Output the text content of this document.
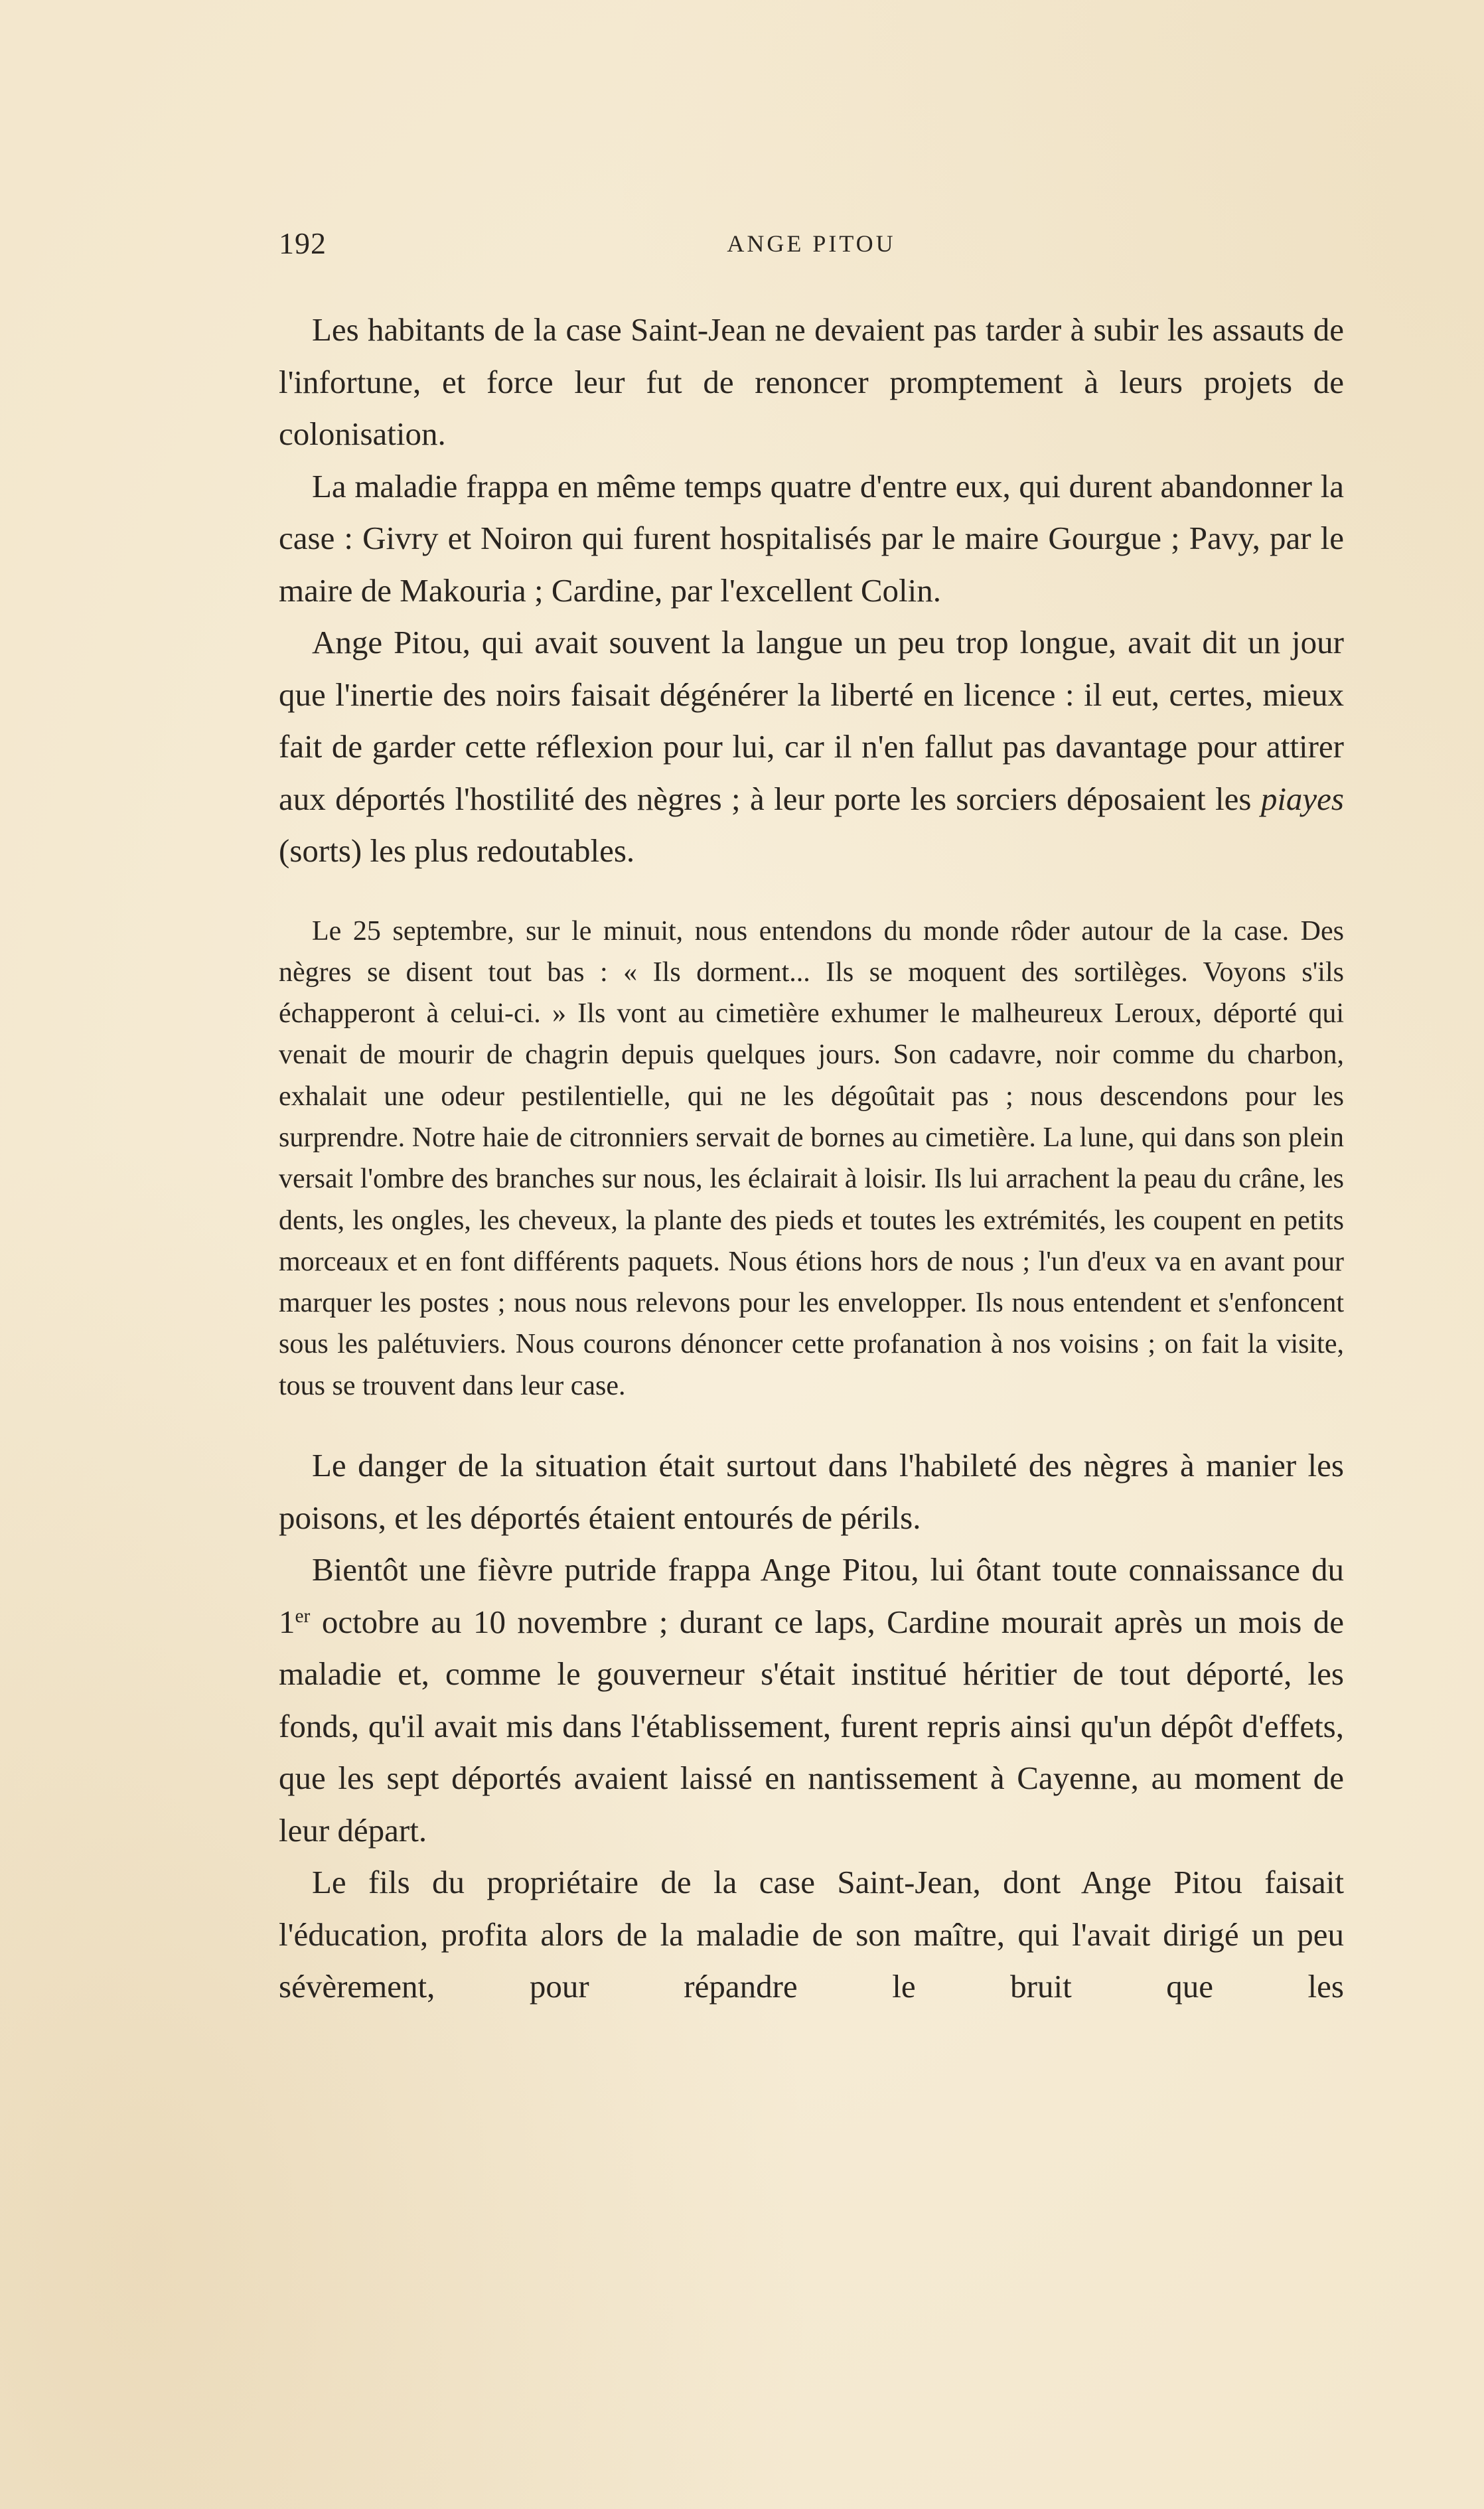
192	ANGE PITOU

Les habitants de la case Saint-Jean ne devaient pas tarder à subir les assauts de l'infortune, et force leur fut de renoncer promptement à leurs projets de colonisation.

La maladie frappa en même temps quatre d'entre eux, qui durent abandonner la case : Givry et Noiron qui furent hospitalisés par le maire Gourgue ; Pavy, par le maire de Makouria ; Cardine, par l'excellent Colin.

Ange Pitou, qui avait souvent la langue un peu trop longue, avait dit un jour que l'inertie des noirs faisait dégénérer la liberté en licence : il eut, certes, mieux fait de garder cette réflexion pour lui, car il n'en fallut pas davantage pour attirer aux déportés l'hostilité des nègres ; à leur porte les sorciers déposaient les piayes (sorts) les plus redoutables.

Le 25 septembre, sur le minuit, nous entendons du monde rôder autour de la case. Des nègres se disent tout bas : « Ils dorment... Ils se moquent des sortilèges. Voyons s'ils échapperont à celui-ci. » Ils vont au cimetière exhumer le malheureux Leroux, déporté qui venait de mourir de chagrin depuis quelques jours. Son cadavre, noir comme du charbon, exhalait une odeur pestilentielle, qui ne les dégoûtait pas ; nous descendons pour les surprendre. Notre haie de citronniers servait de bornes au cimetière. La lune, qui dans son plein versait l'ombre des branches sur nous, les éclairait à loisir. Ils lui arrachent la peau du crâne, les dents, les ongles, les cheveux, la plante des pieds et toutes les extrémités, les coupent en petits morceaux et en font différents paquets. Nous étions hors de nous ; l'un d'eux va en avant pour marquer les postes ; nous nous relevons pour les envelopper. Ils nous entendent et s'enfoncent sous les palétuviers. Nous courons dénoncer cette profanation à nos voisins ; on fait la visite, tous se trouvent dans leur case.

Le danger de la situation était surtout dans l'habileté des nègres à manier les poisons, et les déportés étaient entourés de périls.

Bientôt une fièvre putride frappa Ange Pitou, lui ôtant toute connaissance du 1er octobre au 10 novembre ; durant ce laps, Cardine mourait après un mois de maladie et, comme le gouverneur s'était institué héritier de tout déporté, les fonds, qu'il avait mis dans l'établissement, furent repris ainsi qu'un dépôt d'effets, que les sept déportés avaient laissé en nantissement à Cayenne, au moment de leur départ.

Le fils du propriétaire de la case Saint-Jean, dont Ange Pitou faisait l'éducation, profita alors de la maladie de son maître, qui l'avait dirigé un peu sévèrement, pour répandre le bruit que les
